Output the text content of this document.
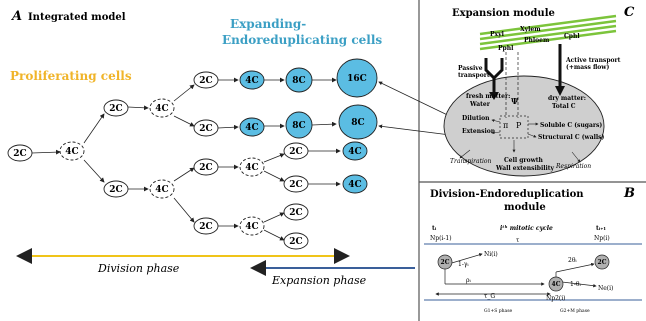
A Integrated model	Expanding-
Endoreduplicating cells
Proliferating cells
2C	4C
2C	4C
2C
2C
4C	8C	16C
4C	8C	8C
2C	4C
2C	4C
2C
2C
4C
4C
2C	4C
2C
2C
Division phase
Expansion phase
Expansion module	C
Xylem
Phloem
Pxyl
Pphl
Cphl
Passive transport
Active transport (+mass flow)
Ψ
π P
fresh matter:
Water
dry matter:
Total C
Dilution
Extension
Soluble C (sugars)
Structural C (walls)
Transpiration
Respiration
Cell growth
Wall extensibility
Division-Endoreduplication
module
B
tᵢ	tᵢ₊₁
Np(i-1)	Np(i)
iᵗʰ mitotic cycle
τ
2C
4C
2C
Ni(i)
1-γᵢ
ρᵢ
2θᵢ
1-θᵢ
Ne(i)
τ_G	Np2(i)
G1+S phase	G2+M phase
